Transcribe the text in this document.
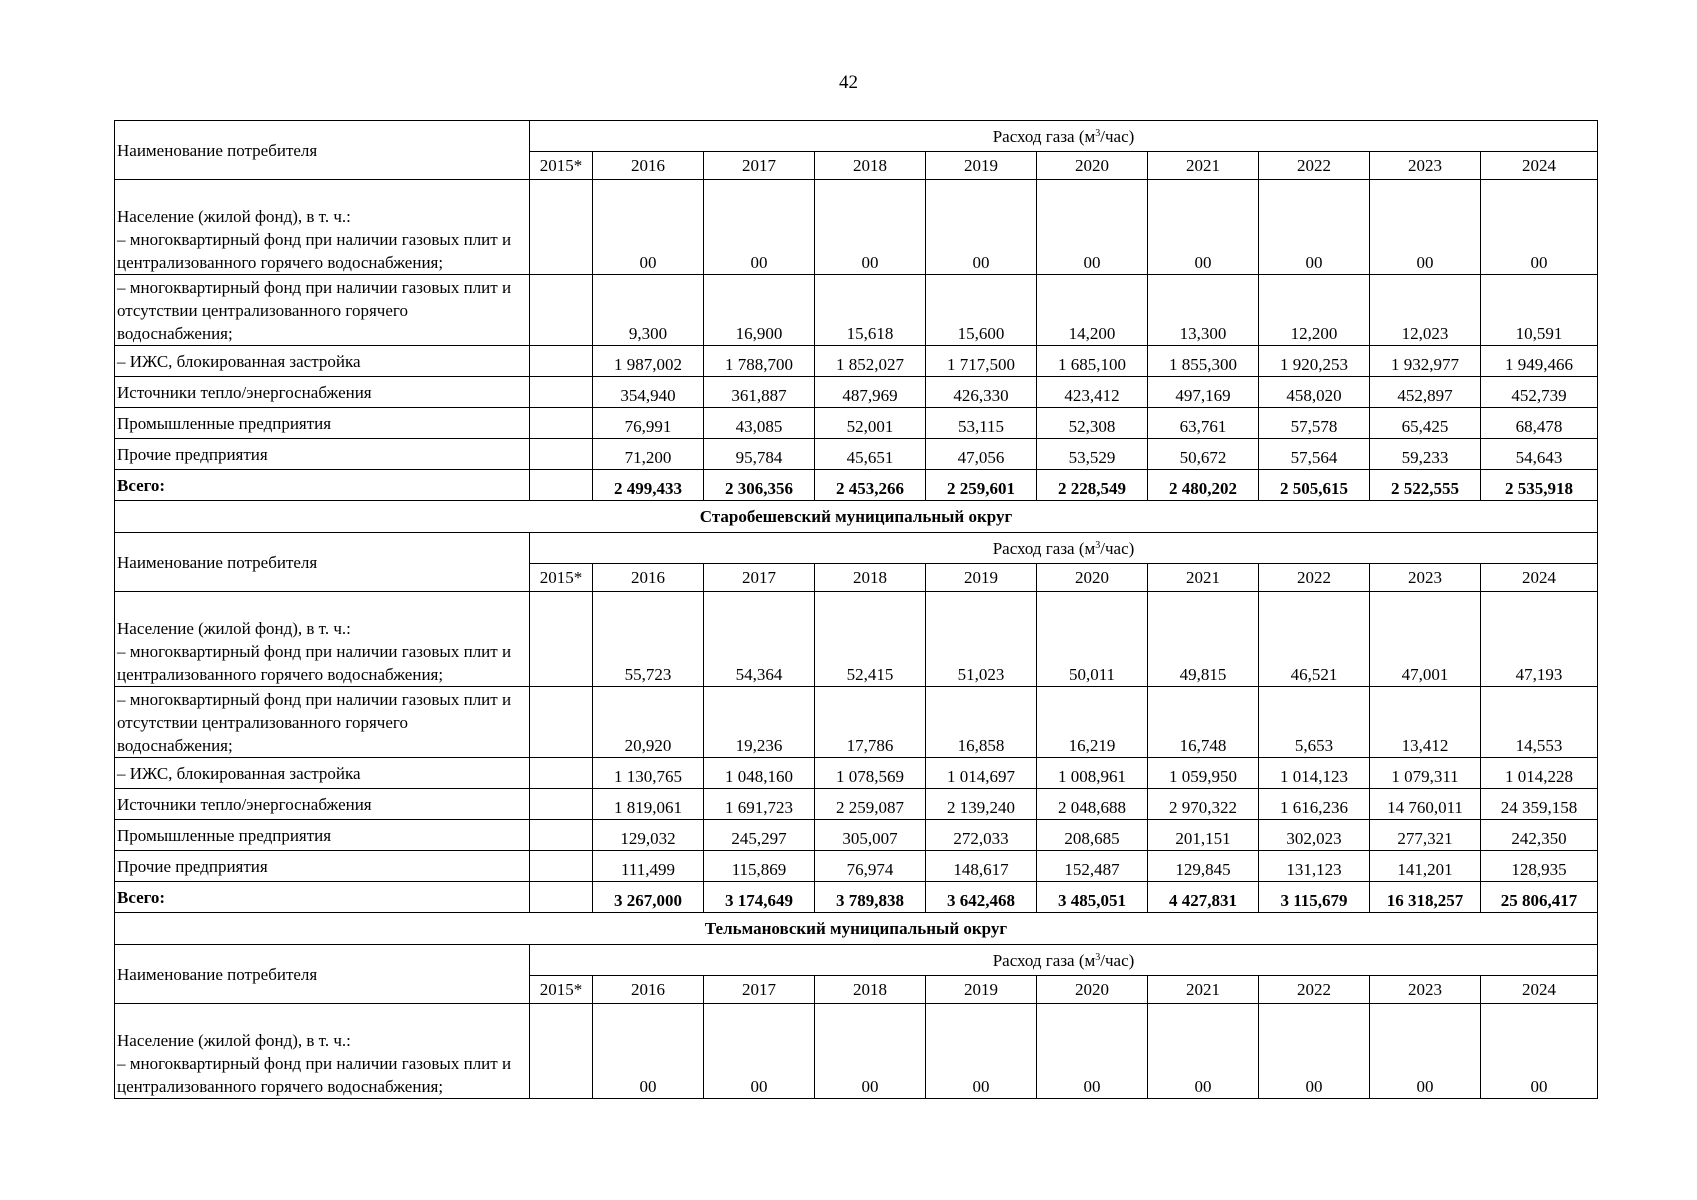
42
Наименование потребителя	Расход газа $(м^3/час)$									
	2015*	2016	2017	2018	2019	2020	2021	2022	2023	2024
Население (жилой фонд), в т. ч.:
– многоквартирный фонд при наличии газовых плит и централизованного горячего водоснабжения;		00	00	00	00	00	00	00	00	00
– многоквартирный фонд при наличии газовых плит и отсутствии централизованного горячего водоснабжения;		9,300	16,900	15,618	15,600	14,200	13,300	12,200	12,023	10,591
– ИЖС, блокированная застройка		1 987,002	1 788,700	1 852,027	1 717,500	1 685,100	1 855,300	1 920,253	1 932,977	1 949,466
Источники тепло/энергоснабжения		354,940	361,887	487,969	426,330	423,412	497,169	458,020	452,897	452,739
Промышленные предприятия		76,991	43,085	52,001	53,115	52,308	63,761	57,578	65,425	68,478
Прочие предприятия		71,200	95,784	45,651	47,056	53,529	50,672	57,564	59,233	54,643
Всего:		2 499,433	2 306,356	2 453,266	2 259,601	2 228,549	2 480,202	2 505,615	2 522,555	2 535,918
Старобешевский муниципальный округ										
Наименование потребителя	Расход газа $(м^3/час)$									
	2015*	2016	2017	2018	2019	2020	2021	2022	2023	2024
Население (жилой фонд), в т. ч.:
– многоквартирный фонд при наличии газовых плит и централизованного горячего водоснабжения;		55,723	54,364	52,415	51,023	50,011	49,815	46,521	47,001	47,193
– многоквартирный фонд при наличии газовых плит и отсутствии централизованного горячего водоснабжения;		20,920	19,236	17,786	16,858	16,219	16,748	5,653	13,412	14,553
– ИЖС, блокированная застройка		1 130,765	1 048,160	1 078,569	1 014,697	1 008,961	1 059,950	1 014,123	1 079,311	1 014,228
Источники тепло/энергоснабжения		1 819,061	1 691,723	2 259,087	2 139,240	2 048,688	2 970,322	1 616,236	14 760,011	24 359,158
Промышленные предприятия		129,032	245,297	305,007	272,033	208,685	201,151	302,023	277,321	242,350
Прочие предприятия		111,499	115,869	76,974	148,617	152,487	129,845	131,123	141,201	128,935
Всего:		3 267,000	3 174,649	3 789,838	3 642,468	3 485,051	4 427,831	3 115,679	16 318,257	25 806,417
Тельмановский муниципальный округ										
Наименование потребителя	Расход газа $(м^3/час)$									
	2015*	2016	2017	2018	2019	2020	2021	2022	2023	2024
Население (жилой фонд), в т. ч.:
– многоквартирный фонд при наличии газовых плит и централизованного горячего водоснабжения;		00	00	00	00	00	00	00	00	00
